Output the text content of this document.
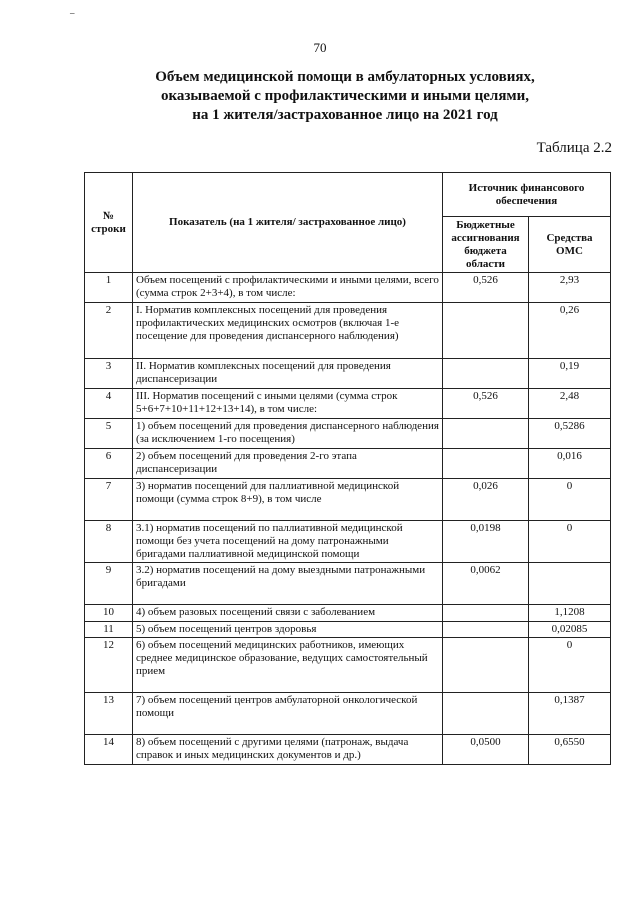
–
70
Объем медицинской помощи в амбулаторных условиях,
оказываемой с профилактическими и иными целями,
на 1 жителя/застрахованное лицо на 2021 год
Таблица 2.2
№ строки	Показатель (на 1 жителя/ застрахованное лицо)	Источник финансового обеспечения	
		Бюджетные ассигнования бюджета области	Средства ОМС
1	Объем посещений с профилактическими и иными целями, всего (сумма строк 2+3+4), в том числе:	0,526	2,93
2	I. Норматив комплексных посещений для проведения профилактических медицинских осмотров (включая 1-е посещение для проведения диспансерного наблюдения)		0,26
3	II. Норматив комплексных посещений для проведения диспансеризации		0,19
4	III. Норматив посещений с иными целями (сумма строк 5+6+7+10+11+12+13+14), в том числе:	0,526	2,48
5	1) объем посещений для проведения диспансерного наблюдения (за исключением 1-го посещения)		0,5286
6	2) объем посещений для проведения 2-го этапа диспансеризации		0,016
7	3) норматив посещений для паллиативной медицинской помощи (сумма строк 8+9), в том числе	0,026	0
8	3.1) норматив посещений по паллиативной медицинской помощи без учета посещений на дому патронажными бригадами паллиативной медицинской помощи	0,0198	0
9	3.2) норматив посещений на дому выездными патронажными бригадами	0,0062	
10	4) объем разовых посещений связи с заболеванием		1,1208
11	5) объем посещений центров здоровья		0,02085
12	6) объем посещений медицинских работников, имеющих среднее медицинское образование, ведущих самостоятельный прием		0
13	7) объем посещений центров амбулаторной онкологической помощи		0,1387
14	8) объем посещений с другими целями (патронаж, выдача справок и иных медицинских документов и др.)	0,0500	0,6550
